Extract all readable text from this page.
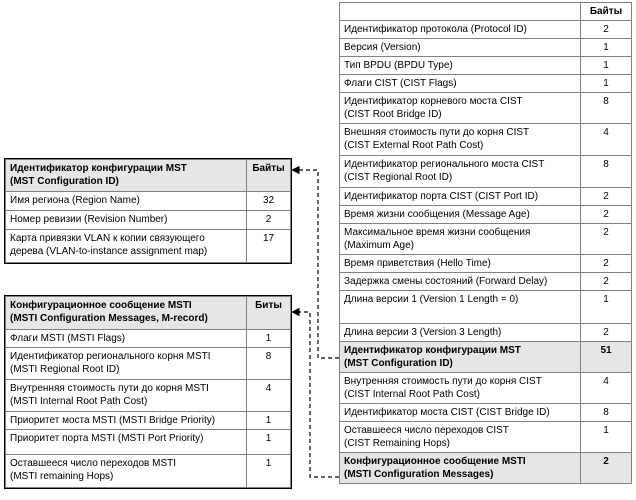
	Байты
Идентификатор протокола (Protocol ID)	2
Версия (Version)	1
Тип BPDU (BPDU Type)	1
Флаги CIST (CIST Flags)	1
Идентификатор корневого моста CIST
(CIST Root Bridge ID)	8
Внешняя стоимость пути до корня CIST
(CIST External Root Path Cost)	4
Идентификатор регионального моста CIST
(CIST Regional Root ID)	8
Идентификатор порта CIST (CIST Port ID)	2
Время жизни сообщения (Message Age)	2
Максимальное время жизни сообщения
(Maximum Age)	2
Время приветствия (Hello Time)	2
Задержка смены состояний (Forward Delay)	2
Длина версии 1 (Version 1 Length = 0)	1
Длина версии 3 (Version 3 Length)	2
Идентификатор конфигурации MST
(MST Configuration ID)	51
Внутренняя стоимость пути до корня CIST
(CIST Internal Root Path Cost)	4
Идентификатор моста CIST (CIST Bridge ID)	8
Оставшееся число переходов CIST
(CIST Remaining Hops)	1
Конфигурационное сообщение MSTI
(MSTI Configuration Messages)	2
Идентификатор конфигурации MST
(MST Configuration ID)	Байты
Имя региона (Region Name)	32
Номер ревизии (Revision Number)	2
Карта привязки VLAN к копии связующего
дерева (VLAN-to-instance assignment map)	17
Конфигурационное сообщение MSTI
(MSTI Configuration Messages, M-record)	Биты
Флаги MSTI (MSTI Flags)	1
Идентификатор регионального корня MSTI
(MSTI Regional Root ID)	8
Внутренняя стоимость пути до корня MSTI
(MSTI Internal Root Path Cost)	4
Приоритет моста MSTI (MSTI Bridge Priority)	1
Приоритет порта MSTI (MSTI Port Priority)	1
Оставшееся число переходов MSTI
(MSTI remaining Hops)	1
